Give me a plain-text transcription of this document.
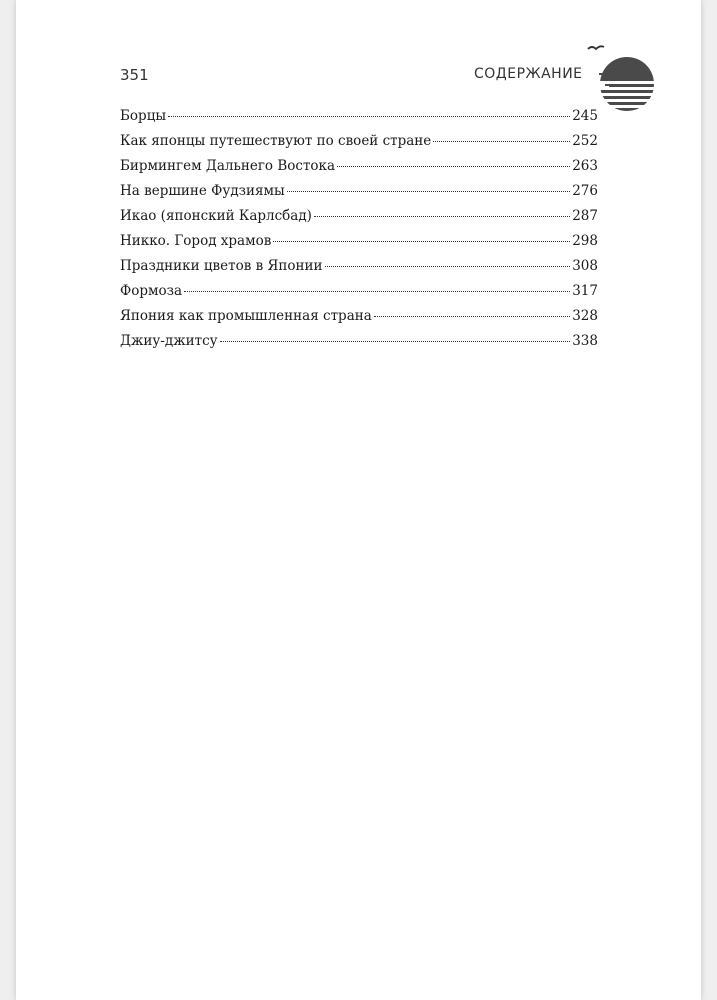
351	СОДЕРЖАНИЕ
Борцы	245
Как японцы путешествуют по своей стране	252
Бирмингем Дальнего Востока	263
На вершине Фудзиямы	276
Икао (японский Карлсбад)	287
Никко. Город храмов	298
Праздники цветов в Японии	308
Формоза	317
Япония как промышленная страна	328
Джиу-джитсу	338
